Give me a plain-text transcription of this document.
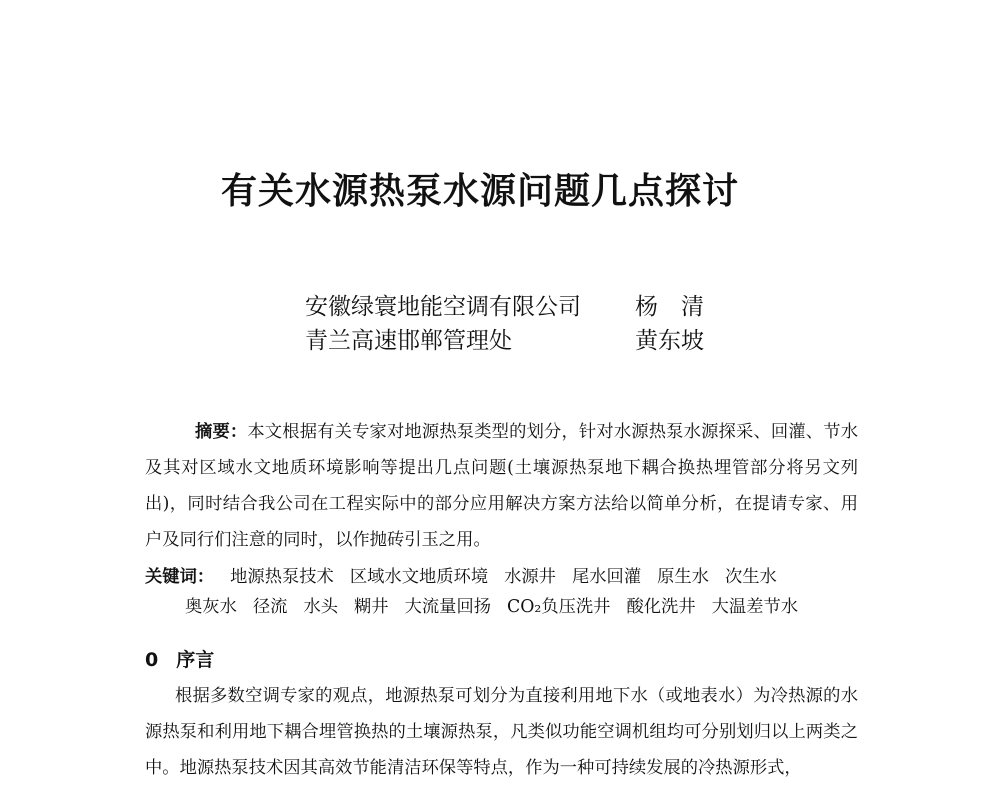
有关水源热泵水源问题几点探讨
安徽绿寰地能空调有限公司 杨　清
青兰高速邯郸管理处	黄东坡
摘要：本文根据有关专家对地源热泵类型的划分，针对水源热泵水源探采、回灌、节水及其对区域水文地质环境影响等提出几点问题(土壤源热泵地下耦合换热埋管部分将另文列出)，同时结合我公司在工程实际中的部分应用解决方案方法给以简单分析，在提请专家、用户及同行们注意的同时，以作抛砖引玉之用。
关键词： 地源热泵技术 区域水文地质环境 水源井 尾水回灌 原生水 次生水奥灰水 径流 水头 糊井 大流量回扬 CO₂负压洗井 酸化洗井 大温差节水
0 序言
根据多数空调专家的观点，地源热泵可划分为直接利用地下水（或地表水）为冷热源的水源热泵和利用地下耦合埋管换热的土壤源热泵，凡类似功能空调机组均可分别划归以上两类之中。地源热泵技术因其高效节能清洁环保等特点，作为一种可持续发展的冷热源形式，
